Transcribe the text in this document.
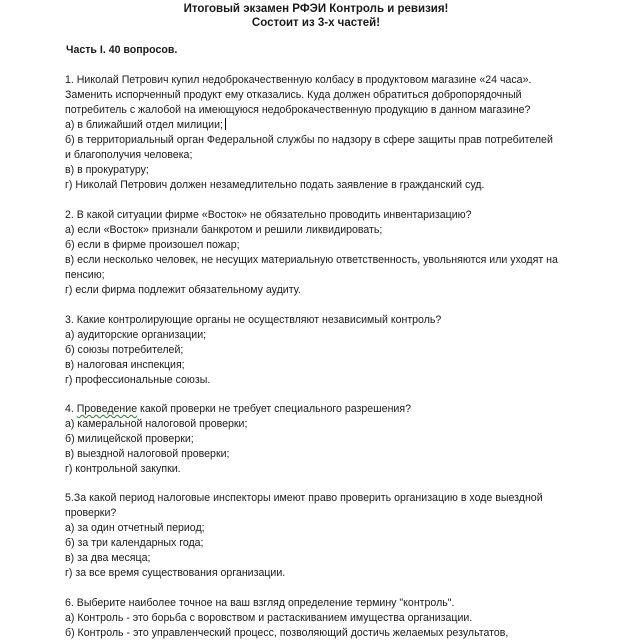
Итоговый экзамен РФЭИ Контроль и ревизия!
Состоит из 3-х частей!
Часть I. 40 вопросов.
1. Николай Петрович купил недоброкачественную колбасу в продуктовом магазине «24 часа».
Заменить испорченный продукт ему отказались. Куда должен обратиться добропорядочный
потребитель с жалобой на имеющуюся недоброкачественную продукцию в данном магазине?
а) в ближайший отдел милиции;
б) в территориальный орган Федеральной службы по надзору в сфере защиты прав потребителей
и благополучия человека;
в) в прокуратуру;
г) Николай Петрович должен незамедлительно подать заявление в гражданский суд.
2. В какой ситуации фирме «Восток» не обязательно проводить инвентаризацию?
а) если «Восток» признали банкротом и решили ликвидировать;
б) если в фирме произошел пожар;
в) если несколько человек, не несущих материальную ответственность, увольняются или уходят на
пенсию;
г) если фирма подлежит обязательному аудиту.
3. Какие контролирующие органы не осуществляют независимый контроль?
а) аудиторские организации;
б) союзы потребителей;
в) налоговая инспекция;
г) профессиональные союзы.
4. Проведение какой проверки не требует специального разрешения?
а) камеральной налоговой проверки;
б) милицейской проверки;
в) выездной налоговой проверки;
г) контрольной закупки.
5.За какой период налоговые инспекторы имеют право проверить организацию в ходе выездной
проверки?
а) за один отчетный период;
б) за три календарных года;
в) за два месяца;
г) за все время существования организации.
6. Выберите наиболее точное на ваш взгляд определение термину "контроль".
а) Контроль - это борьба с воровством и растаскиванием имущества организации.
б) Контроль - это управленческий процесс, позволяющий достичь желаемых результатов,
